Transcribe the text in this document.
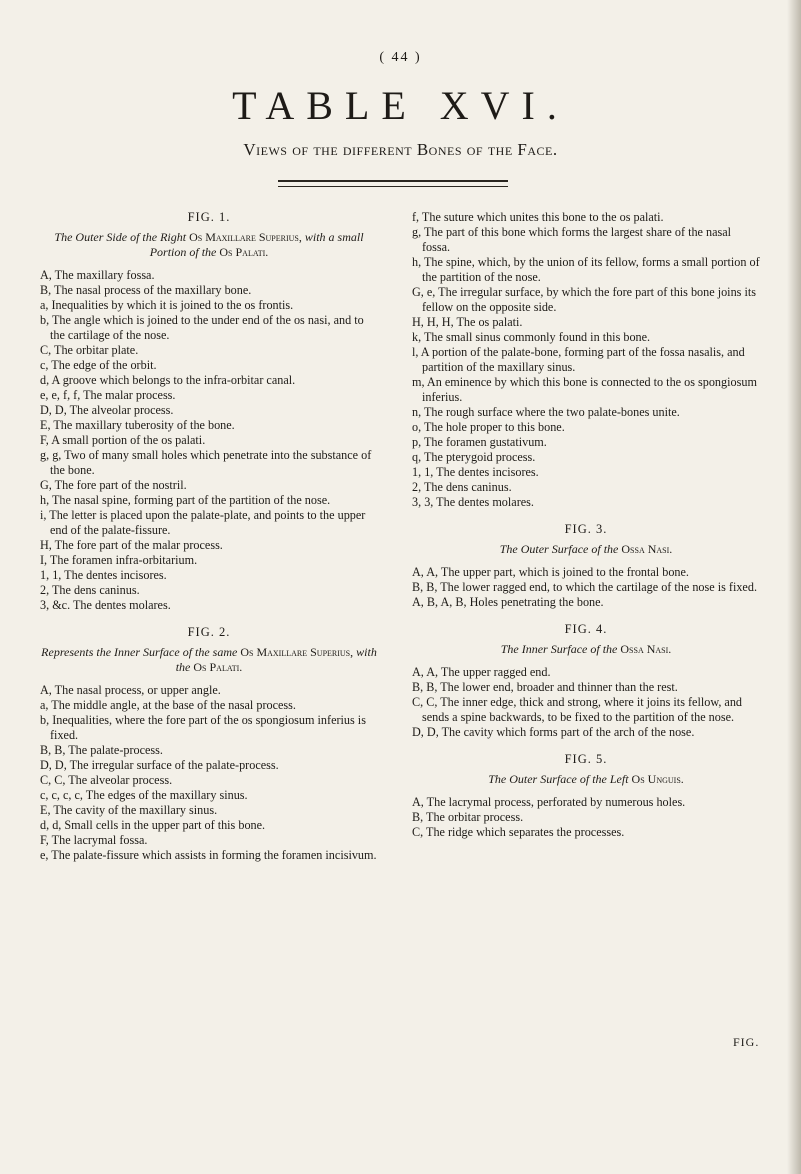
( 44 )
TABLE XVI.
Views of the different Bones of the Face.
FIG. 1.
The Outer Side of the Right Os Maxillare Superius, with a small Portion of the Os Palati.

A, The maxillary fossa.

B, The nasal process of the maxillary bone.

a, Inequalities by which it is joined to the os frontis.

b, The angle which is joined to the under end of the os nasi, and to the cartilage of the nose.

C, The orbitar plate.

c, The edge of the orbit.

d, A groove which belongs to the infra-orbitar canal.

e, e, f, f, The malar process.

D, D, The alveolar process.

E, The maxillary tuberosity of the bone.

F, A small portion of the os palati.

g, g, Two of many small holes which penetrate into the substance of the bone.

G, The fore part of the nostril.

h, The nasal spine, forming part of the partition of the nose.

i, The letter is placed upon the palate-plate, and points to the upper end of the palate-fissure.

H, The fore part of the malar process.

I, The foramen infra-orbitarium.

1, 1, The dentes incisores.

2, The dens caninus.

3, &c. The dentes molares.

FIG. 2.
Represents the Inner Surface of the same Os Maxillare Superius, with the Os Palati.

A, The nasal process, or upper angle.

a, The middle angle, at the base of the nasal process.

b, Inequalities, where the fore part of the os spongiosum inferius is fixed.

B, B, The palate-process.

D, D, The irregular surface of the palate-process.

C, C, The alveolar process.

c, c, c, c, The edges of the maxillary sinus.

E, The cavity of the maxillary sinus.

d, d, Small cells in the upper part of this bone.

F, The lacrymal fossa.

e, The palate-fissure which assists in forming the foramen incisivum.

f, The suture which unites this bone to the os palati.

g, The part of this bone which forms the largest share of the nasal fossa.

h, The spine, which, by the union of its fellow, forms a small portion of the partition of the nose.

G, e, The irregular surface, by which the fore part of this bone joins its fellow on the opposite side.

H, H, H, The os palati.

k, The small sinus commonly found in this bone.

l, A portion of the palate-bone, forming part of the fossa nasalis, and partition of the maxillary sinus.

m, An eminence by which this bone is connected to the os spongiosum inferius.

n, The rough surface where the two palate-bones unite.

o, The hole proper to this bone.

p, The foramen gustativum.

q, The pterygoid process.

1, 1, The dentes incisores.

2, The dens caninus.

3, 3, The dentes molares.

FIG. 3.
The Outer Surface of the Ossa Nasi.

A, A, The upper part, which is joined to the frontal bone.

B, B, The lower ragged end, to which the cartilage of the nose is fixed.

A, B, A, B, Holes penetrating the bone.

FIG. 4.
The Inner Surface of the Ossa Nasi.

A, A, The upper ragged end.

B, B, The lower end, broader and thinner than the rest.

C, C, The inner edge, thick and strong, where it joins its fellow, and sends a spine backwards, to be fixed to the partition of the nose.

D, D, The cavity which forms part of the arch of the nose.

FIG. 5.
The Outer Surface of the Left Os Unguis.

A, The lacrymal process, perforated by numerous holes.

B, The orbitar process.

C, The ridge which separates the processes.

FIG.
